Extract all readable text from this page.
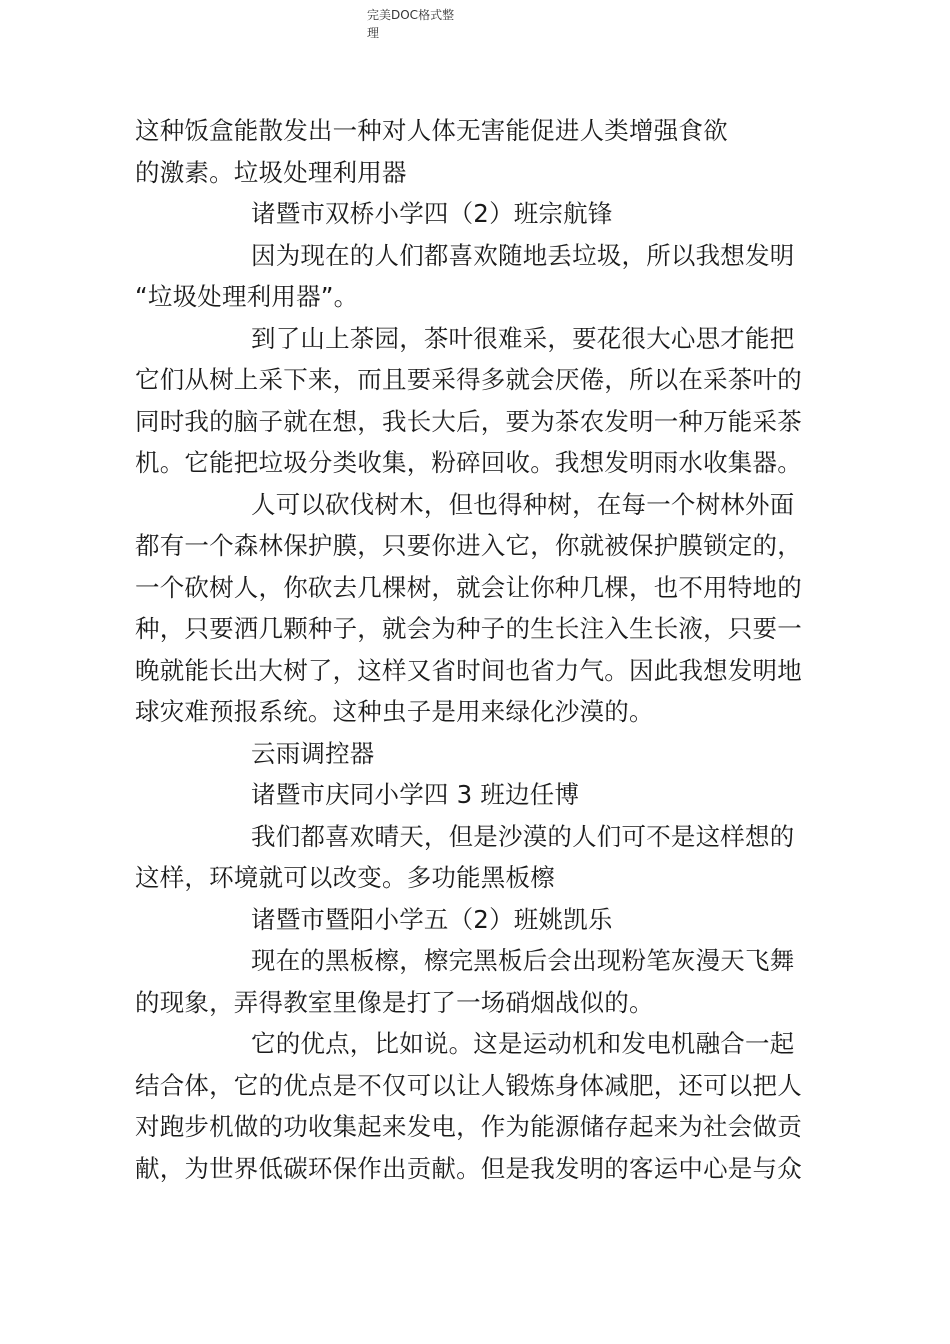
完美DOC格式整
理
这种饭盒能散发出一种对人体无害能促进人类增强食欲
的激素。垃圾处理利用器
诸暨市双桥小学四（2）班宗航锋
因为现在的人们都喜欢随地丢垃圾，所以我想发明
“垃圾处理利用器”。
到了山上茶园，茶叶很难采，要花很大心思才能把
它们从树上采下来，而且要采得多就会厌倦，所以在采茶叶的
同时我的脑子就在想，我长大后，要为茶农发明一种万能采茶
机。它能把垃圾分类收集，粉碎回收。我想发明雨水收集器。
人可以砍伐树木，但也得种树，在每一个树林外面
都有一个森林保护膜，只要你进入它，你就被保护膜锁定的，
一个砍树人，你砍去几棵树，就会让你种几棵，也不用特地的
种，只要洒几颗种子，就会为种子的生长注入生长液，只要一
晚就能长出大树了，这样又省时间也省力气。因此我想发明地
球灾难预报系统。这种虫子是用来绿化沙漠的。
云雨调控器
诸暨市庆同小学四 3 班边任博
我们都喜欢晴天，但是沙漠的人们可不是这样想的
这样，环境就可以改变。多功能黑板檫
诸暨市暨阳小学五（2）班姚凯乐
现在的黑板檫，檫完黑板后会出现粉笔灰漫天飞舞
的现象，弄得教室里像是打了一场硝烟战似的。
它的优点，比如说。这是运动机和发电机融合一起
结合体，它的优点是不仅可以让人锻炼身体减肥，还可以把人
对跑步机做的功收集起来发电，作为能源储存起来为社会做贡
献，为世界低碳环保作出贡献。但是我发明的客运中心是与众
